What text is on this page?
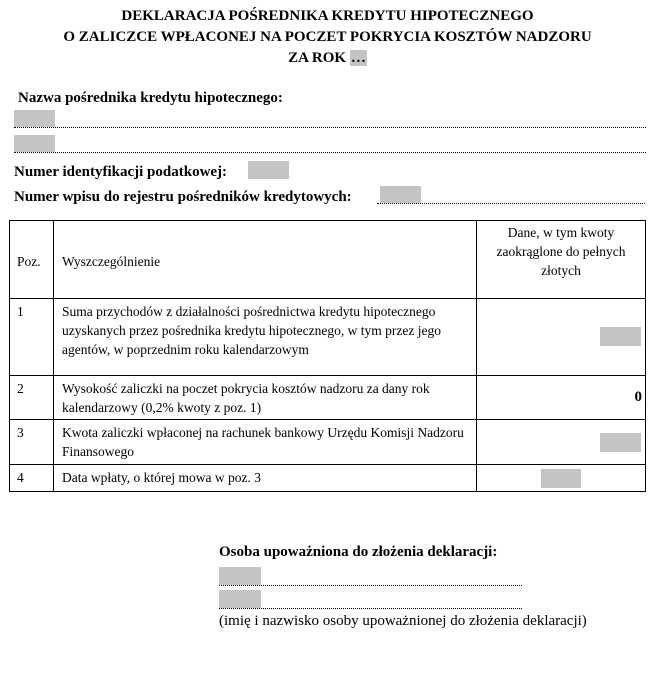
DEKLARACJA POŚREDNIKA KREDYTU HIPOTECZNEGO
O ZALICZCE WPŁACONEJ NA POCZET POKRYCIA KOSZTÓW NADZORU
ZA ROK …
Nazwa pośrednika kredytu hipotecznego:
Numer identyfikacji podatkowej:
Numer wpisu do rejestru pośredników kredytowych:
Poz.	Wyszczególnienie	Dane, w tym kwoty zaokrąglone do pełnych złotych
1	Suma przychodów z działalności pośrednictwa kredytu hipotecznego uzyskanych przez pośrednika kredytu hipotecznego, w tym przez jego agentów, w poprzednim roku kalendarzowym	

2	Wysokość zaliczki na poczet pokrycia kosztów nadzoru za dany rok kalendarzowy (0,2% kwoty z poz. 1)	0

3	Kwota zaliczki wpłaconej na rachunek bankowy Urzędu Komisji Nadzoru Finansowego	

4	Data wpłaty, o której mowa w poz. 3	
Osoba upoważniona do złożenia deklaracji:
(imię i nazwisko osoby upoważnionej do złożenia deklaracji)
